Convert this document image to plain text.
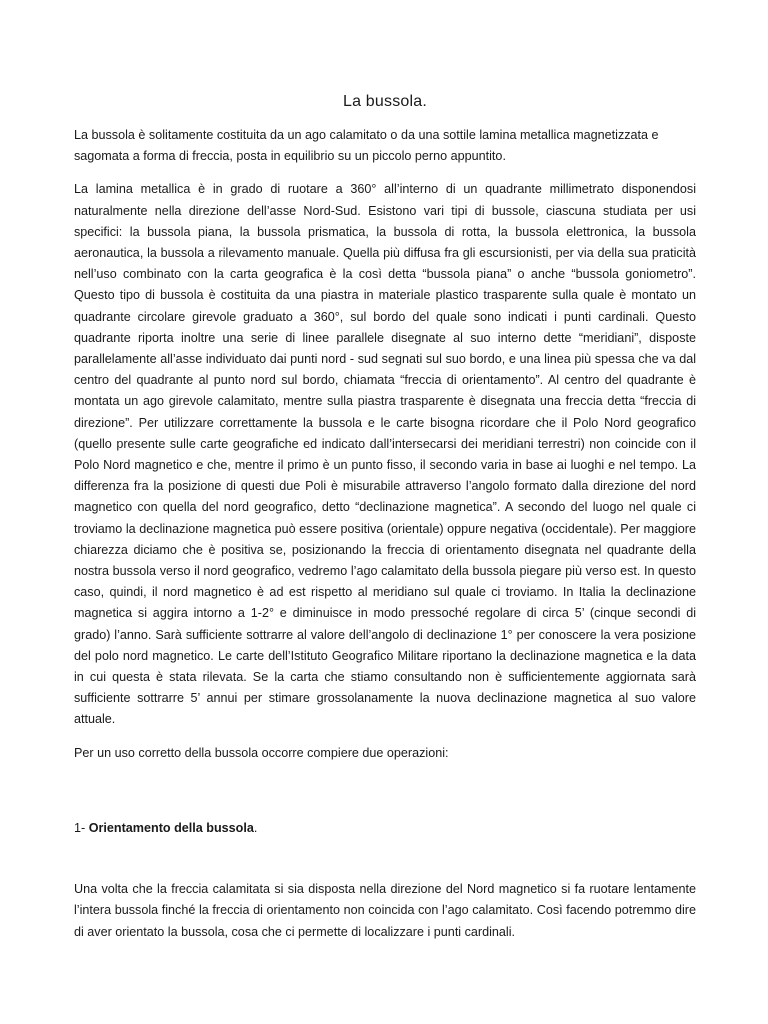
La bussola.

La bussola è solitamente costituita da un ago calamitato o da una sottile lamina metallica magnetizzata e sagomata a forma di freccia, posta in equilibrio su un piccolo perno appuntito.

La lamina metallica è in grado di ruotare a 360° all’interno di un quadrante millimetrato disponendosi naturalmente nella direzione dell’asse Nord-Sud. Esistono vari tipi di bussole, ciascuna studiata per usi specifici: la bussola piana, la bussola prismatica, la bussola di rotta, la bussola elettronica, la bussola aeronautica, la bussola a rilevamento manuale. Quella più diffusa fra gli escursionisti, per via della sua praticità nell’uso combinato con la carta geografica è la così detta “bussola piana” o anche “bussola goniometro”. Questo tipo di bussola è costituita da una piastra in materiale plastico trasparente sulla quale è montato un quadrante circolare girevole graduato a 360°, sul bordo del quale sono indicati i punti cardinali. Questo quadrante riporta inoltre una serie di linee parallele disegnate al suo interno dette “meridiani”, disposte parallelamente all’asse individuato dai punti nord - sud segnati sul suo bordo, e una linea più spessa che va dal centro del quadrante al punto nord sul bordo, chiamata “freccia di orientamento”. Al centro del quadrante è montata un ago girevole calamitato, mentre sulla piastra trasparente è disegnata una freccia detta “freccia di direzione”. Per utilizzare correttamente la bussola e le carte bisogna ricordare che il Polo Nord geografico (quello presente sulle carte geografiche ed indicato dall’intersecarsi dei meridiani terrestri) non coincide con il Polo Nord magnetico e che, mentre il primo è un punto fisso, il secondo varia in base ai luoghi e nel tempo. La differenza fra la posizione di questi due Poli è misurabile attraverso l’angolo formato dalla direzione del nord magnetico con quella del nord geografico, detto “declinazione magnetica”. A secondo del luogo nel quale ci troviamo la declinazione magnetica può essere positiva (orientale) oppure negativa (occidentale). Per maggiore chiarezza diciamo che è positiva se, posizionando la freccia di orientamento disegnata nel quadrante della nostra bussola verso il nord geografico, vedremo l’ago calamitato della bussola piegare più verso est. In questo caso, quindi, il nord magnetico è ad est rispetto al meridiano sul quale ci troviamo. In Italia la declinazione magnetica si aggira intorno a 1-2° e diminuisce in modo pressoché regolare di circa 5’ (cinque secondi di grado) l’anno. Sarà sufficiente sottrarre al valore dell’angolo di declinazione 1° per conoscere la vera posizione del polo nord magnetico. Le carte dell’Istituto Geografico Militare riportano la declinazione magnetica e la data in cui questa è stata rilevata. Se la carta che stiamo consultando non è sufficientemente aggiornata sarà sufficiente sottrarre 5’ annui per stimare grossolanamente la nuova declinazione magnetica al suo valore attuale.

Per un uso corretto della bussola occorre compiere due operazioni:

1- Orientamento della bussola.

Una volta che la freccia calamitata si sia disposta nella direzione del Nord magnetico si fa ruotare lentamente l’intera bussola finché la freccia di orientamento non coincida con l’ago calamitato. Così facendo potremmo dire di aver orientato la bussola, cosa che ci permette di localizzare i punti cardinali.
